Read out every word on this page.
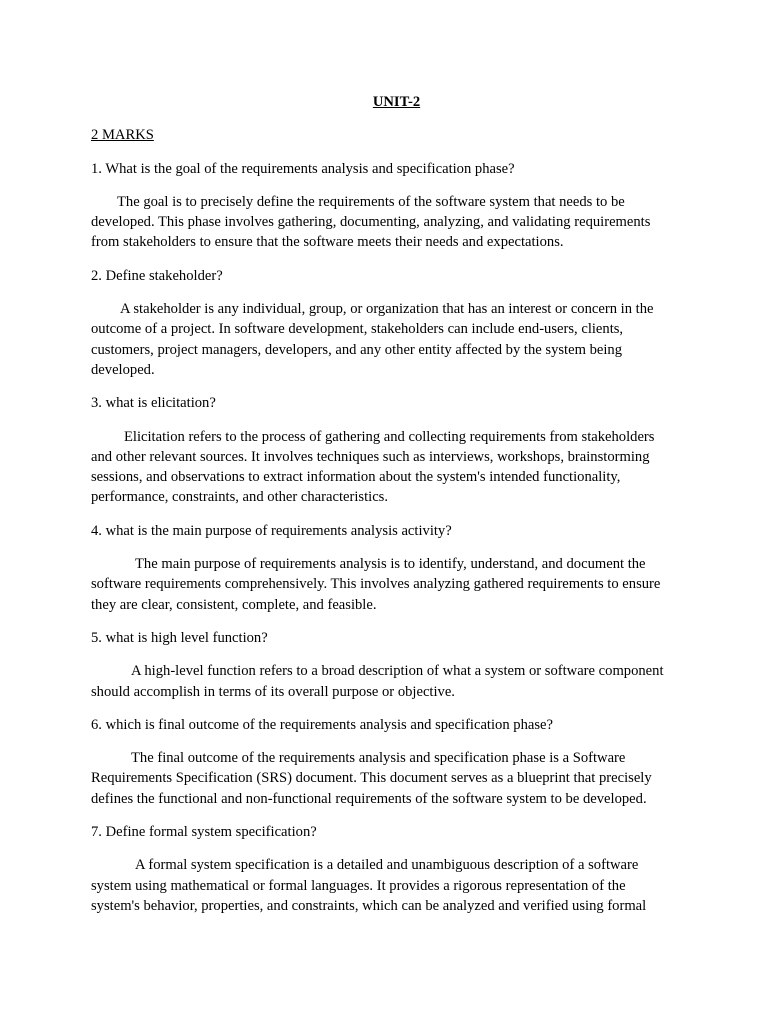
UNIT-2

2 MARKS

1. What is the goal of the requirements analysis and specification phase?

The goal is to precisely define the requirements of the software system that needs to be developed. This phase involves gathering, documenting, analyzing, and validating requirements from stakeholders to ensure that the software meets their needs and expectations.

2. Define stakeholder?

A stakeholder is any individual, group, or organization that has an interest or concern in the outcome of a project. In software development, stakeholders can include end-users, clients, customers, project managers, developers, and any other entity affected by the system being developed.

3. what is elicitation?

Elicitation refers to the process of gathering and collecting requirements from stakeholders and other relevant sources. It involves techniques such as interviews, workshops, brainstorming sessions, and observations to extract information about the system's intended functionality, performance, constraints, and other characteristics.

4. what is the main purpose of requirements analysis activity?

The main purpose of requirements analysis is to identify, understand, and document the software requirements comprehensively. This involves analyzing gathered requirements to ensure they are clear, consistent, complete, and feasible.

5. what is high level function?

A high-level function refers to a broad description of what a system or software component should accomplish in terms of its overall purpose or objective.

6. which is final outcome of the requirements analysis and specification phase?

The final outcome of the requirements analysis and specification phase is a Software Requirements Specification (SRS) document. This document serves as a blueprint that precisely defines the functional and non-functional requirements of the software system to be developed.

7. Define formal system specification?

A formal system specification is a detailed and unambiguous description of a software system using mathematical or formal languages. It provides a rigorous representation of the system's behavior, properties, and constraints, which can be analyzed and verified using formal
